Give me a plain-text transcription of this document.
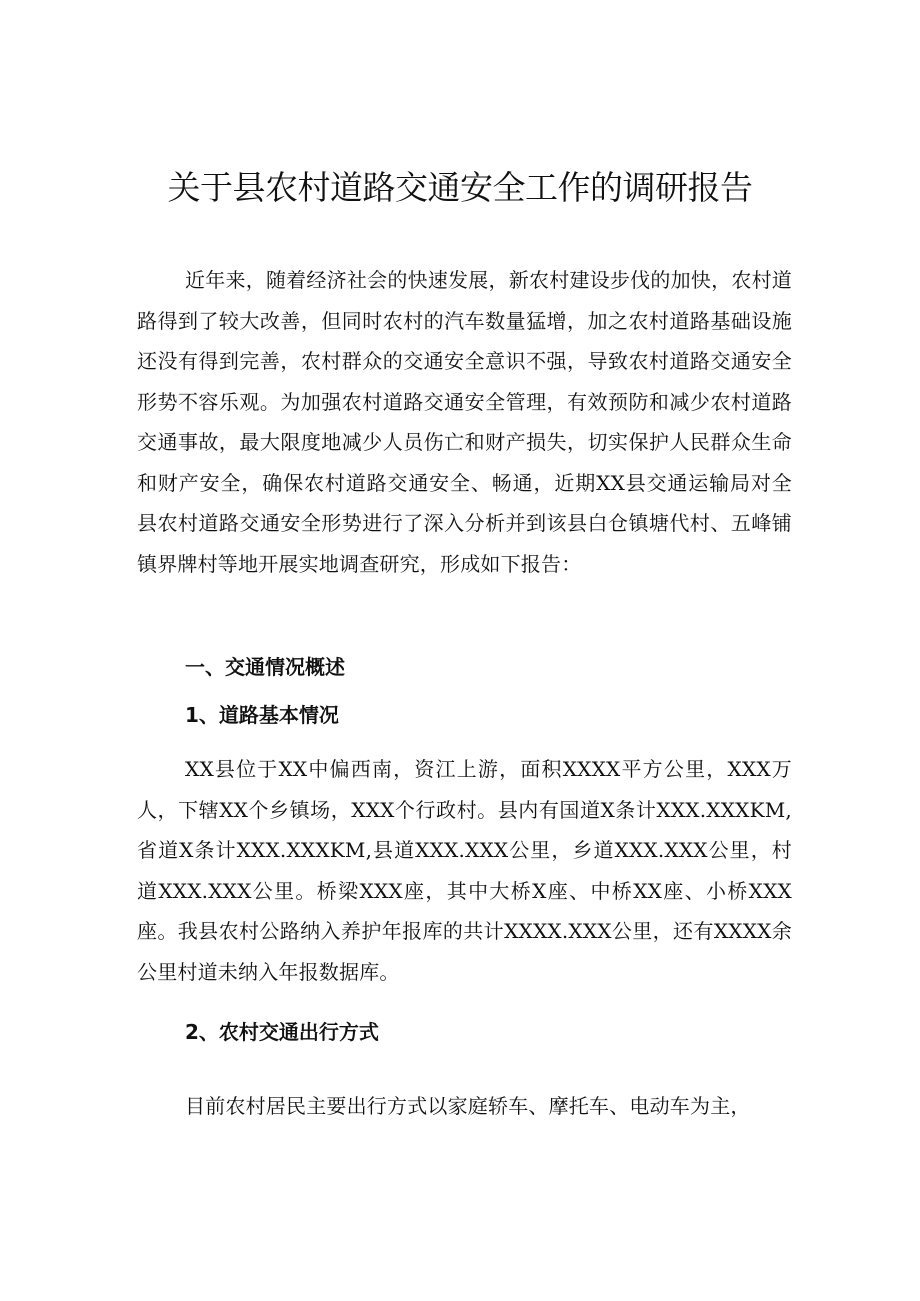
关于县农村道路交通安全工作的调研报告

近年来，随着经济社会的快速发展，新农村建设步伐的加快，农村道路得到了较大改善，但同时农村的汽车数量猛增，加之农村道路基础设施还没有得到完善，农村群众的交通安全意识不强，导致农村道路交通安全形势不容乐观。为加强农村道路交通安全管理，有效预防和减少农村道路交通事故，最大限度地减少人员伤亡和财产损失，切实保护人民群众生命和财产安全，确保农村道路交通安全、畅通，近期XX县交通运输局对全县农村道路交通安全形势进行了深入分析并到该县白仓镇塘代村、五峰铺镇界牌村等地开展实地调查研究，形成如下报告：

一、交通情况概述
1、道路基本情况

XX县位于XX中偏西南，资江上游，面积XXXX平方公里，XXX万人，下辖XX个乡镇场，XXX个行政村。县内有国道X条计XXX.XXXKM,省道X条计XXX.XXXKM,县道XXX.XXX公里，乡道XXX.XXX公里，村道XXX.XXX公里。桥梁XXX座，其中大桥X座、中桥XX座、小桥XXX座。我县农村公路纳入养护年报库的共计XXXX.XXX公里，还有XXXX余公里村道未纳入年报数据库。

2、农村交通出行方式

目前农村居民主要出行方式以家庭轿车、摩托车、电动车为主，
